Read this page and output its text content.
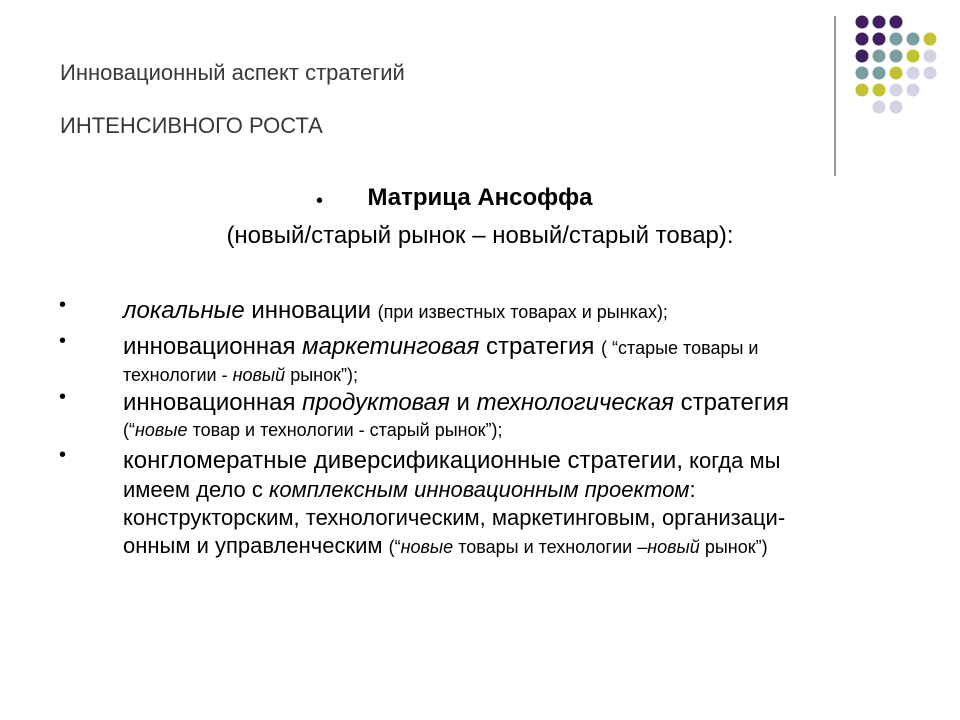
Инновационный аспект стратегий
ИНТЕНСИВНОГО РОСТА
•	Матрица Ансоффа
(новый/старый рынок – новый/старый товар):
• локальные инновации (при известных товарах и рынках);

• инновационная маркетинговая стратегия ( “старые товары и

технологии - новый рынок”);

• инновационная продуктовая и технологическая стратегия

(“новые товар и технологии - старый рынок”);

• конгломератные диверсификационные стратегии, когда мы

имеем дело с комплексным инновационным проектом:

конструкторским, технологическим, маркетинговым, организаци-

онным и управленческим (“новые товары и технологии –новый рынок”)
